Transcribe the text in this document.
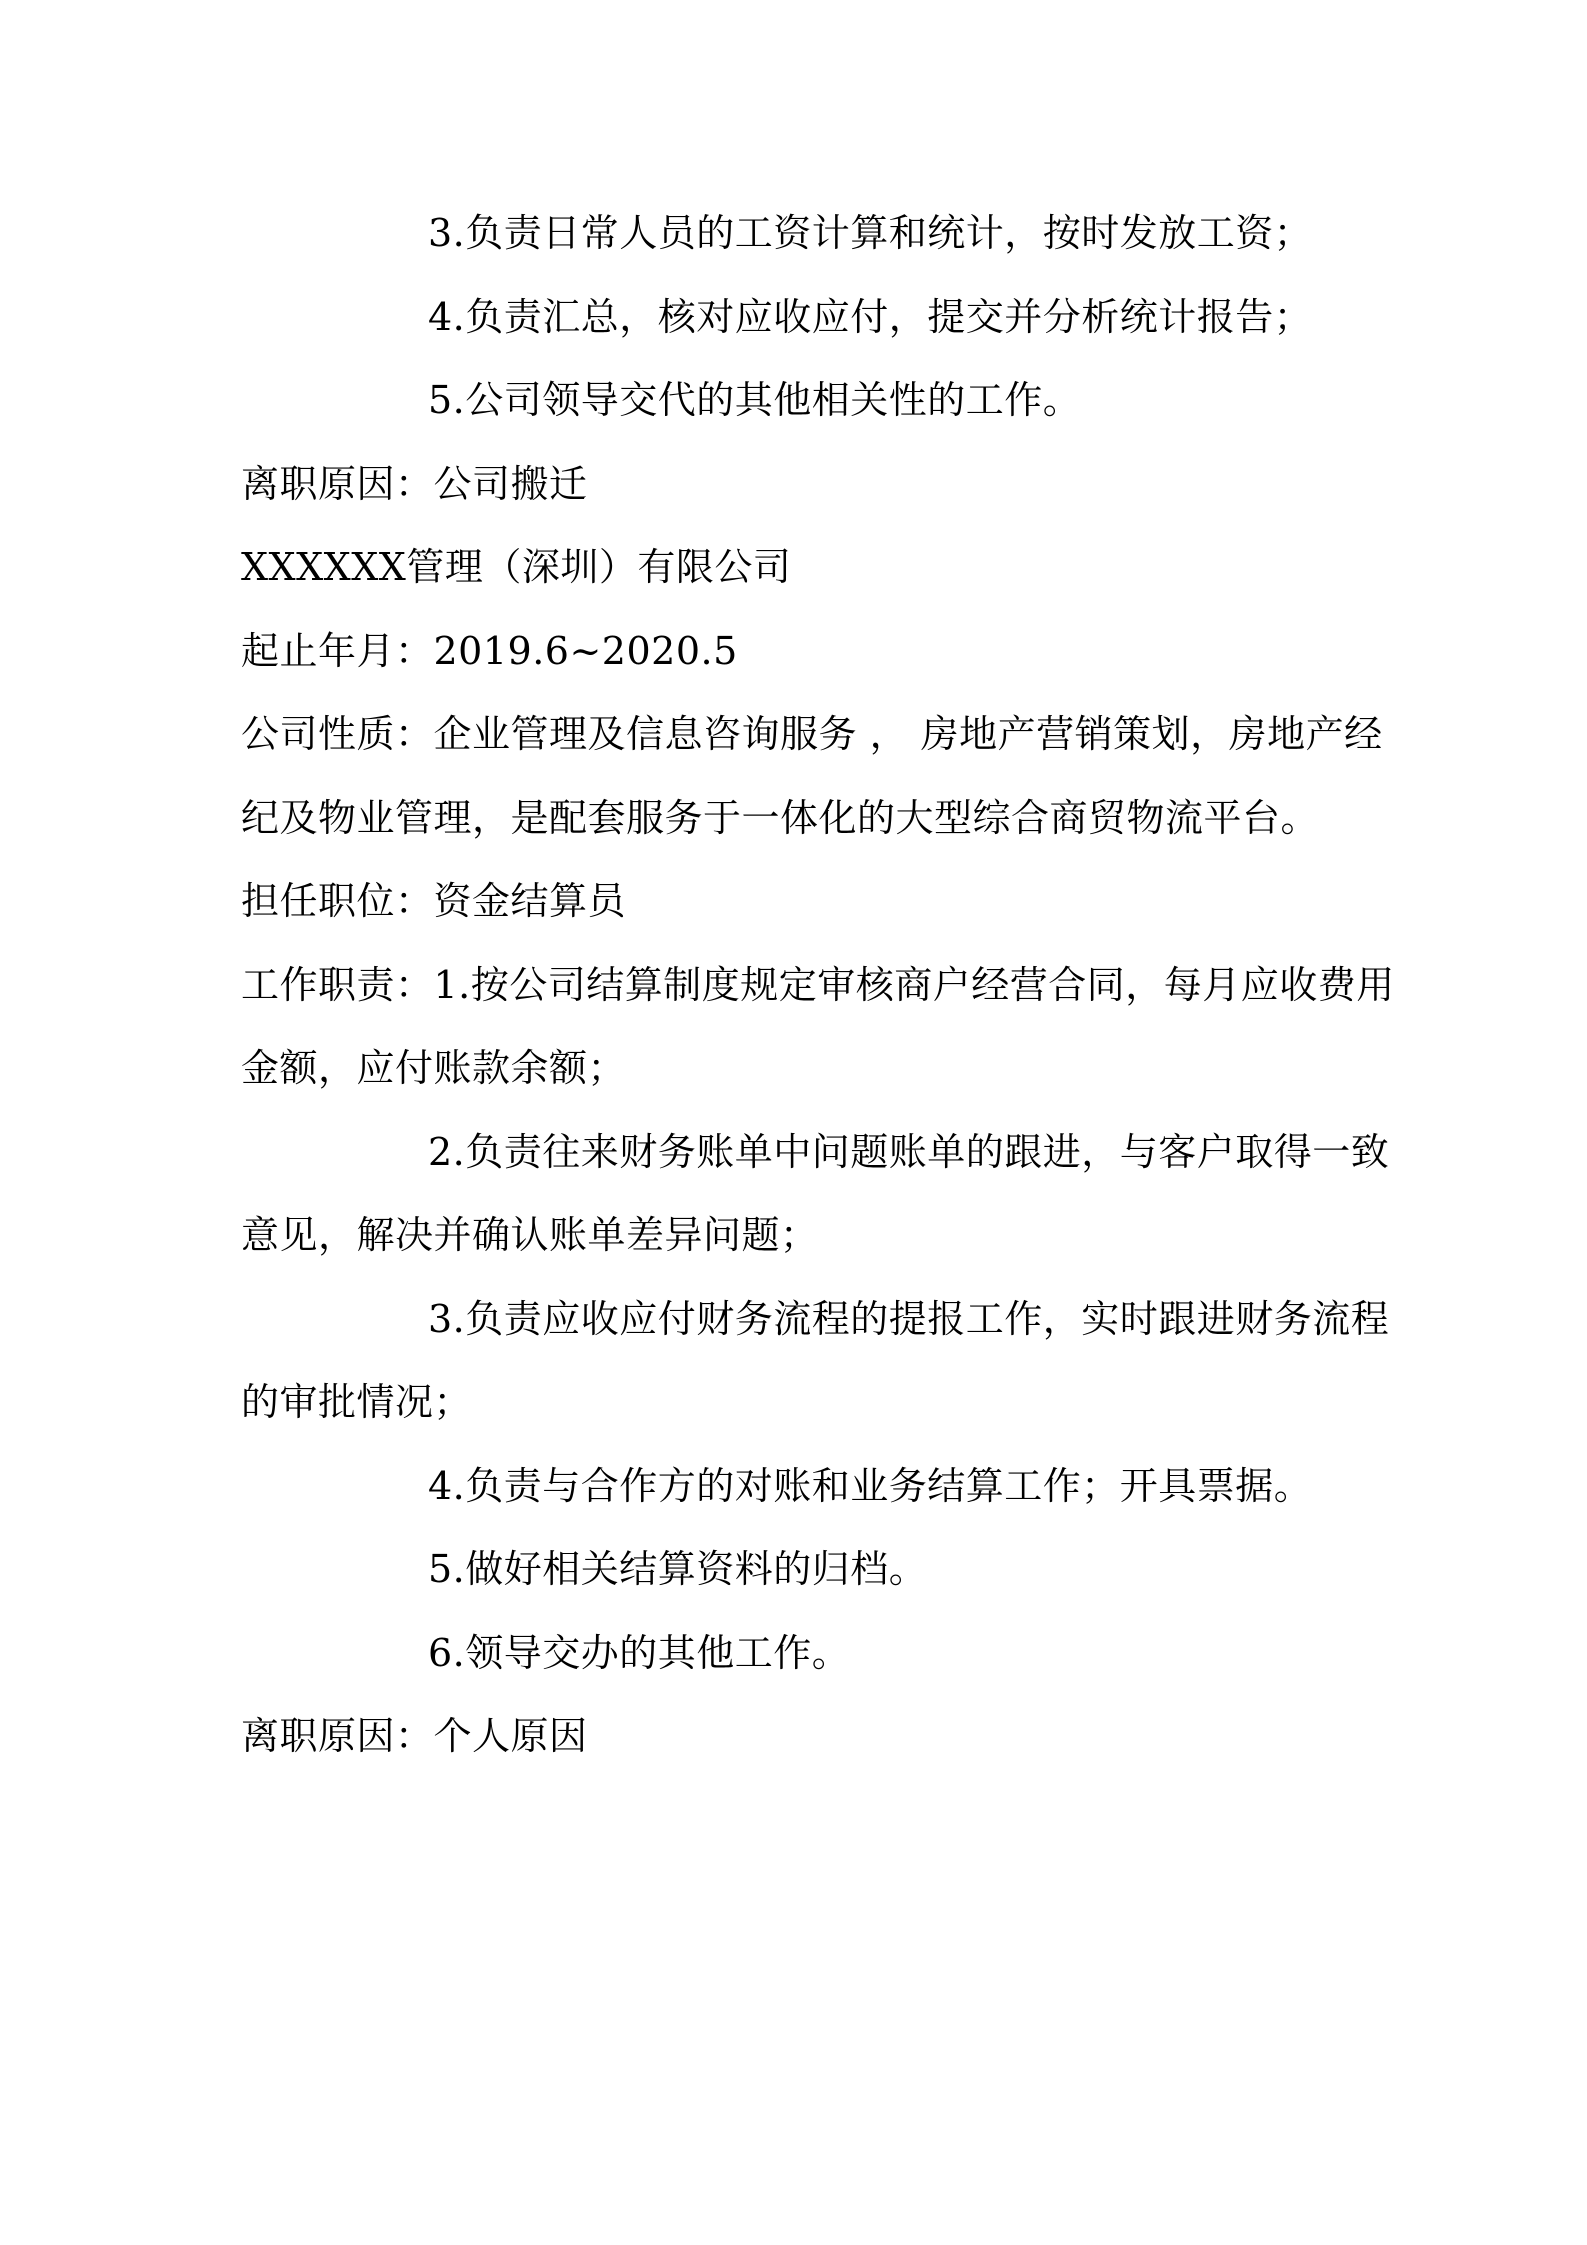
3.负责日常人员的工资计算和统计，按时发放工资；
4.负责汇总，核对应收应付，提交并分析统计报告；
5.公司领导交代的其他相关性的工作。
离职原因：公司搬迁
XXXXXX管理（深圳）有限公司
起止年月：2019.6~2020.5
公司性质：企业管理及信息咨询服务 ， 房地产营销策划，房地产经
纪及物业管理，是配套服务于一体化的大型综合商贸物流平台。
担任职位：资金结算员
工作职责：1.按公司结算制度规定审核商户经营合同，每月应收费用
金额，应付账款余额；
2.负责往来财务账单中问题账单的跟进，与客户取得一致
意见，解决并确认账单差异问题；
3.负责应收应付财务流程的提报工作，实时跟进财务流程
的审批情况；
4.负责与合作方的对账和业务结算工作；开具票据。
5.做好相关结算资料的归档。
6.领导交办的其他工作。
离职原因：个人原因
